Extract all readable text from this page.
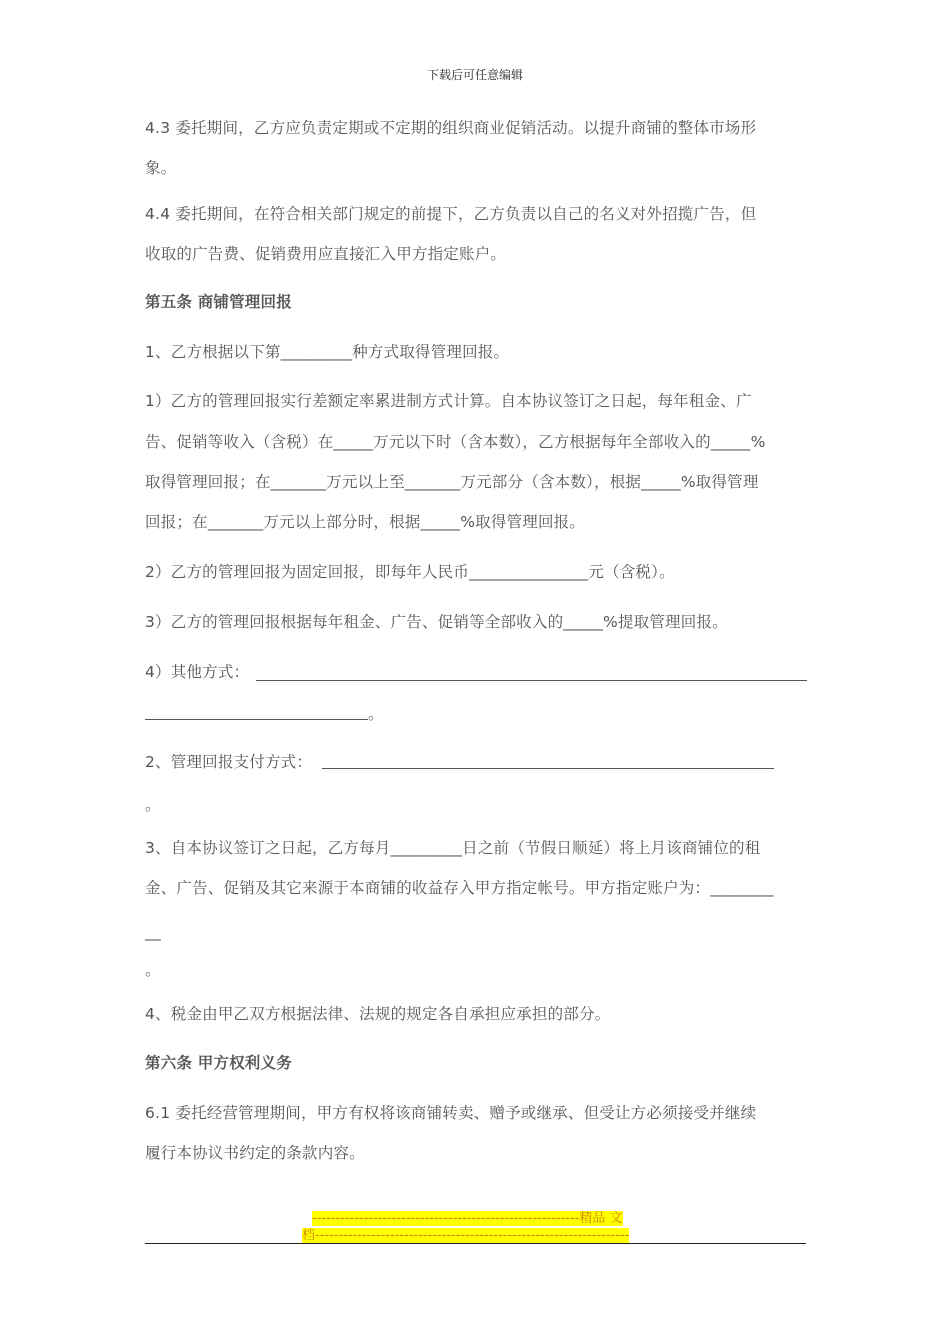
下载后可任意编辑
4.3 委托期间，乙方应负责定期或不定期的组织商业促销活动。以提升商铺的整体市场形
象。
4.4 委托期间，在符合相关部门规定的前提下，乙方负责以自己的名义对外招揽广告，但
收取的广告费、促销费用应直接汇入甲方指定账户。
第五条 商铺管理回报
1、乙方根据以下第_________种方式取得管理回报。
1）乙方的管理回报实行差额定率累进制方式计算。自本协议签订之日起，每年租金、广
告、促销等收入（含税）在_____万元以下时（含本数），乙方根据每年全部收入的_____%
取得管理回报；在_______万元以上至_______万元部分（含本数），根据_____%取得管理
回报；在_______万元以上部分时，根据_____%取得管理回报。
2）乙方的管理回报为固定回报，即每年人民币_______________元（含税）。
3）乙方的管理回报根据每年租金、广告、促销等全部收入的_____%提取管理回报。
4）其他方式：
。
2、管理回报支付方式：
。
3、自本协议签订之日起，乙方每月_________日之前（节假日顺延）将上月该商铺位的租
金、广告、促销及其它来源于本商铺的收益存入甲方指定帐号。甲方指定账户为：________
__
。
4、税金由甲乙双方根据法律、法规的规定各自承担应承担的部分。
第六条 甲方权利义务
6.1 委托经营管理期间，甲方有权将该商铺转卖、赠予或继承、但受让方必须接受并继续
履行本协议书约定的条款内容。
---------------------------------------------------------精品 文
档-------------------------------------------------------------------
